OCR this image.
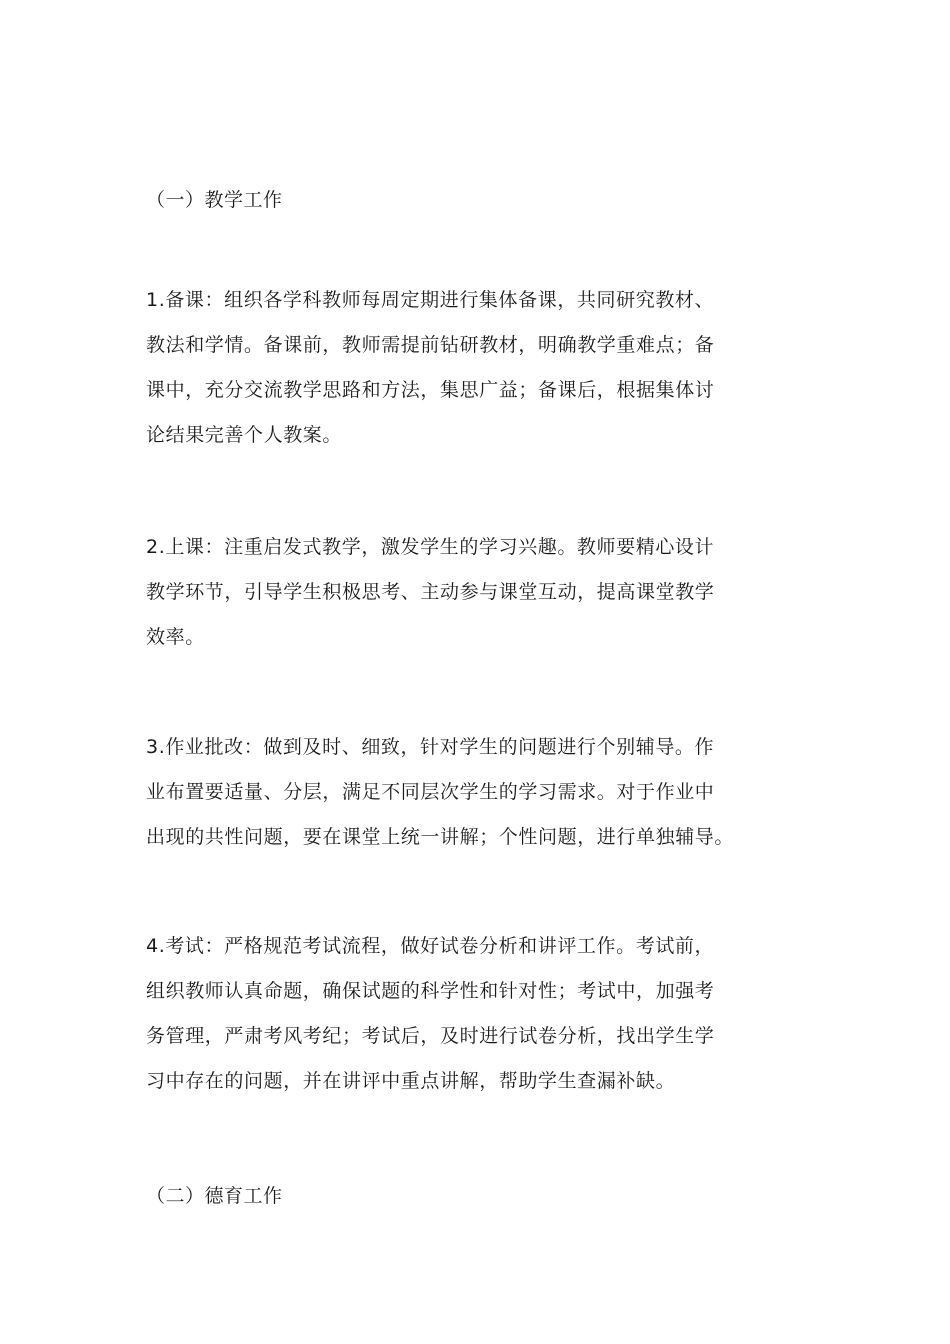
（一）教学工作
1.备课：组织各学科教师每周定期进行集体备课，共同研究教材、
教法和学情。备课前，教师需提前钻研教材，明确教学重难点；备
课中，充分交流教学思路和方法，集思广益；备课后，根据集体讨
论结果完善个人教案。
2.上课：注重启发式教学，激发学生的学习兴趣。教师要精心设计
教学环节，引导学生积极思考、主动参与课堂互动，提高课堂教学
效率。
3.作业批改：做到及时、细致，针对学生的问题进行个别辅导。作
业布置要适量、分层，满足不同层次学生的学习需求。对于作业中
出现的共性问题，要在课堂上统一讲解；个性问题，进行单独辅导。
4.考试：严格规范考试流程，做好试卷分析和讲评工作。考试前，
组织教师认真命题，确保试题的科学性和针对性；考试中，加强考
务管理，严肃考风考纪；考试后，及时进行试卷分析，找出学生学
习中存在的问题，并在讲评中重点讲解，帮助学生查漏补缺。
（二）德育工作
